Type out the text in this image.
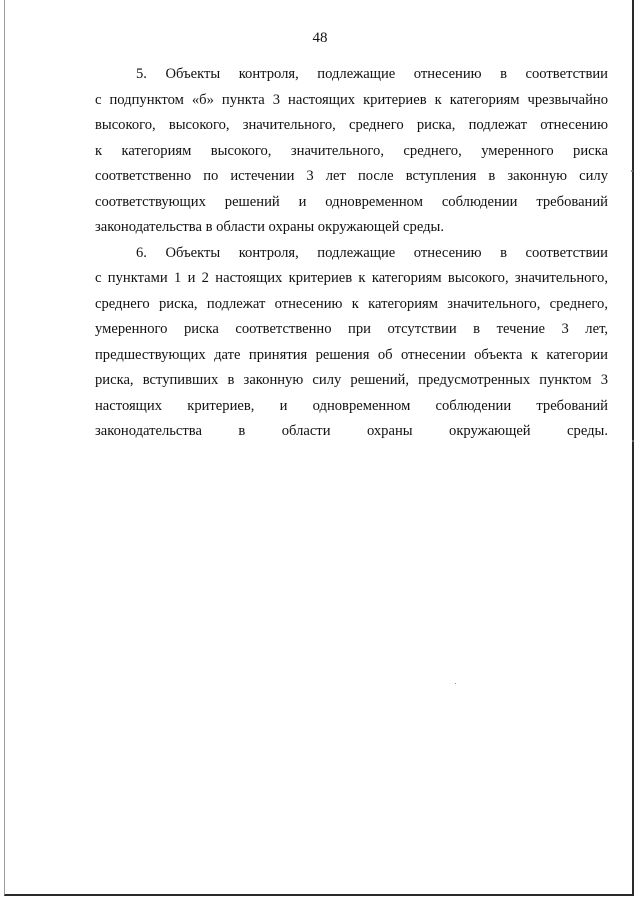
48
5. Объекты контроля, подлежащие отнесению в соответствии
с подпунктом «б» пункта 3 настоящих критериев к категориям чрезвычайно
высокого, высокого, значительного, среднего риска, подлежат отнесению
к категориям высокого, значительного, среднего, умеренного риска
соответственно по истечении 3 лет после вступления в законную силу
соответствующих решений и одновременном соблюдении требований
законодательства в области охраны окружающей среды.
6. Объекты контроля, подлежащие отнесению в соответствии
с пунктами 1 и 2 настоящих критериев к категориям высокого, значительного,
среднего риска, подлежат отнесению к категориям значительного, среднего,
умеренного риска соответственно при отсутствии в течение 3 лет,
предшествующих дате принятия решения об отнесении объекта к категории
риска, вступивших в законную силу решений, предусмотренных пунктом 3
настоящих критериев, и одновременном соблюдении требований
законодательства в области охраны окружающей среды.
